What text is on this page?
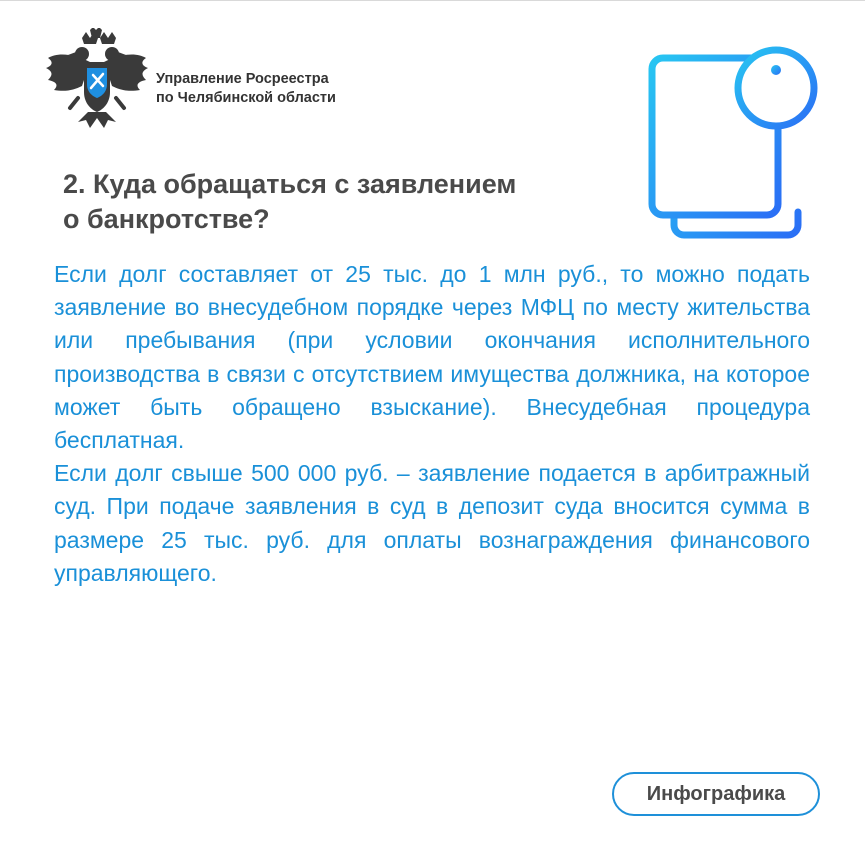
Управление Росреестра
по Челябинской области
2. Куда обращаться с заявлением
о банкротстве?

Если долг составляет от 25 тыс. до 1 млн руб., то можно подать заявление во внесудебном порядке через МФЦ по месту жительства или пребывания (при условии окончания исполнительного производства в связи с отсутствием имущества должника, на которое может быть обращено взыскание). Внесудебная процедура бесплатная.

Если долг свыше 500 000 руб. – заявление подается в арбитражный суд. При подаче заявления в суд в депозит суда вносится сумма в размере 25 тыс. руб. для оплаты вознаграждения финансового управляющего.

Инфографика
